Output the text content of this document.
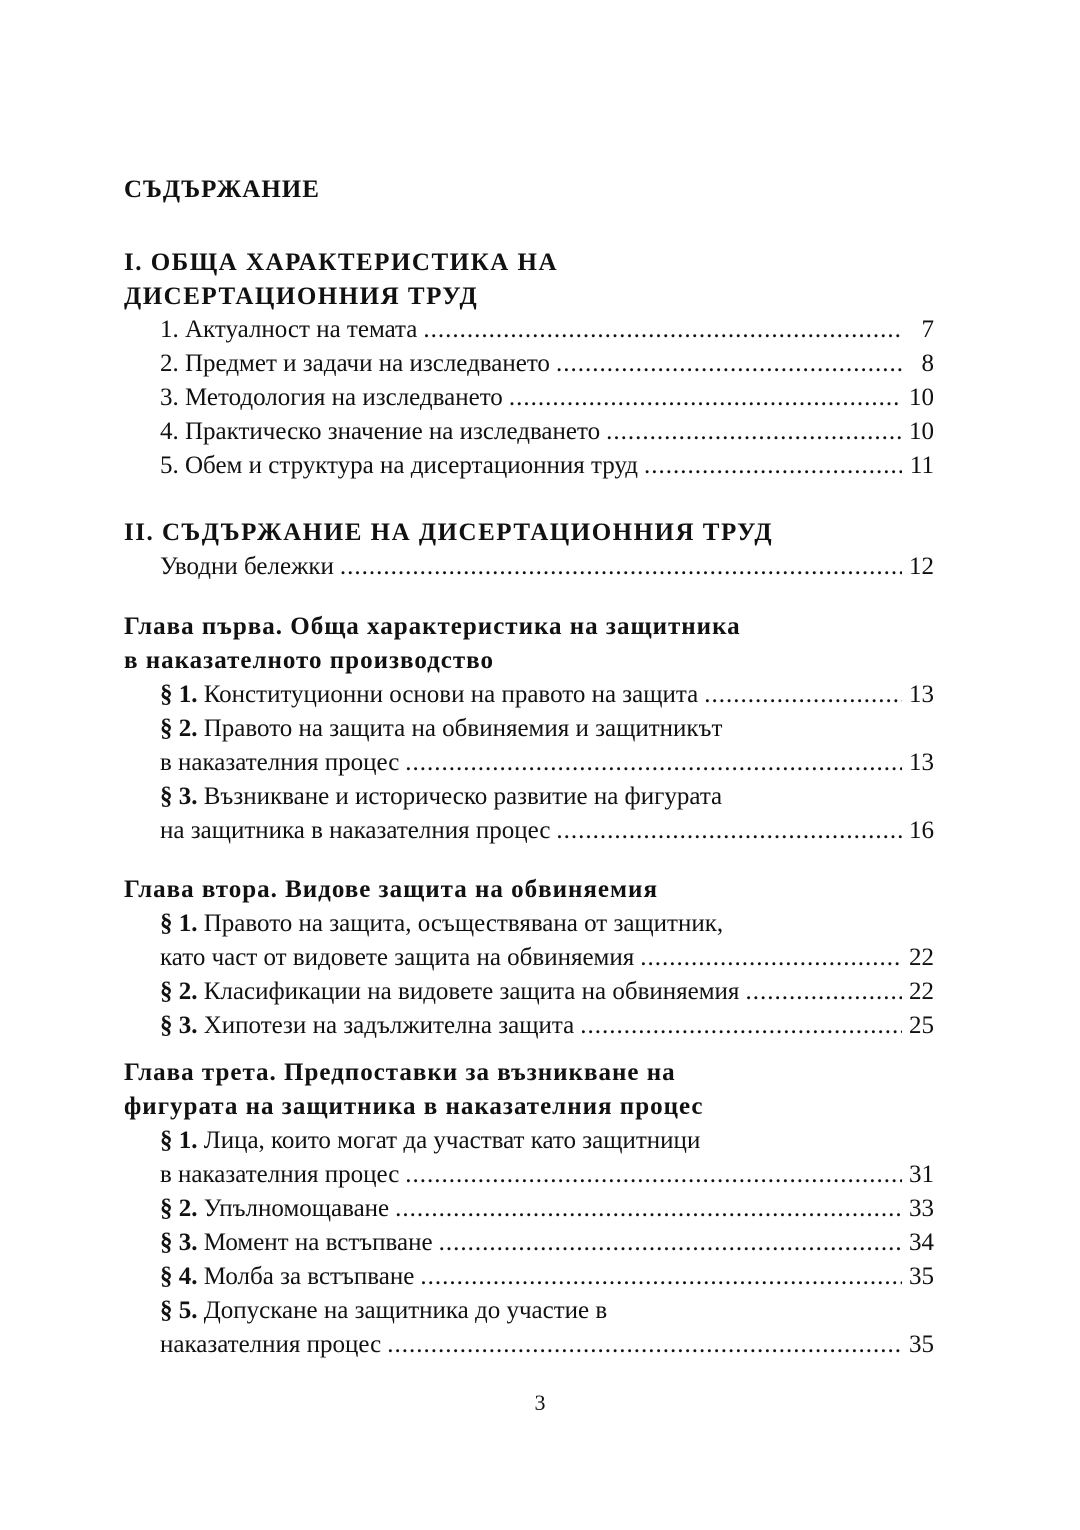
СЪДЪРЖАНИЕ
I. ОБЩА ХАРАКТЕРИСТИКА НА
ДИСЕРТАЦИОННИЯ ТРУД
1. Актуалност на темата .....	7
2. Предмет и задачи на изследването .....	8
3. Методология на изследването .....	10
4. Практическо значение на изследването .....	10
5. Обем и структура на дисертационния труд .....	11
II. СЪДЪРЖАНИЕ НА ДИСЕРТАЦИОННИЯ ТРУД
Уводни бележки .....	12
Глава първа. Обща характеристика на защитника
в наказателното производство
§ 1. Конституционни основи на правото на защита .....	13
§ 2. Правото на защита на обвиняемия и защитникът
в наказателния процес .....	13
§ 3. Възникване и историческо развитие на фигурата
на защитника в наказателния процес .....	16
Глава втора. Видове защита на обвиняемия
§ 1. Правото на защита, осъществявана от защитник,
като част от видовете защита на обвиняемия .....	22
§ 2. Класификации на видовете защита на обвиняемия .....	22
§ 3. Хипотези на задължителна защита .....	25
Глава трета. Предпоставки за възникване на
фигурата на защитника в наказателния процес
§ 1. Лица, които могат да участват като защитници
в наказателния процес .....	31
§ 2. Упълномощаване .....	33
§ 3. Момент на встъпване .....	34
§ 4. Молба за встъпване .....	35
§ 5. Допускане на защитника до участие в
наказателния процес .....	35
3
